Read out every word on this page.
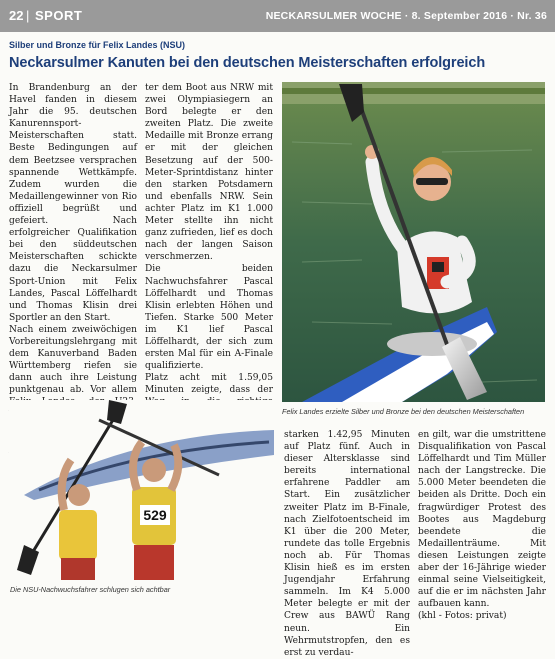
22 | SPORT	NECKARSULMER WOCHE · 8. September 2016 · Nr. 36
Silber und Bronze für Felix Landes (NSU)
Neckarsulmer Kanuten bei den deutschen Meisterschaften erfolgreich

In Brandenburg an der Havel fanden in diesem Jahr die 95. deutschen Kanurennsport-Meisterschaften statt. Beste Bedingungen auf dem Beetzsee versprachen spannende Wettkämpfe. Zudem wurden die Medaillengewinner von Rio offiziell begrüßt und gefeiert. Nach erfolgreicher Qualifikation bei den süddeutschen Meisterschaften schickte dazu die Neckarsulmer Sport-Union mit Felix Landes, Pascal Löffelhardt und Thomas Klisin drei Sportler an den Start.

Nach einem zweiwöchigen Vorbereitungslehrgang mit dem Kanuverband Baden Württemberg riefen sie dann auch ihre Leistung punktgenau ab. Vor allem

ter dem Boot aus NRW mit zwei Olympiasiegern an Bord belegte er den zweiten Platz. Die zweite Medaille mit Bronze errang er mit der gleichen Besetzung auf der 500-Meter-Sprintdistanz hinter den starken Potsdamern und ebenfalls NRW. Sein achter Platz im K1 1.000 Meter stellte ihn nicht ganz zufrieden, lief es doch nach der langen Saison verschmerzen.

Die beiden Nachwuchsfahrer Pascal Löffelhardt und Thomas Klisin erlebten Höhen und Tiefen. Starke 500 Meter im K1 lief Pascal Löffelhardt, der sich zum ersten Mal für ein A-Finale qualifizierte.

Platz acht mit 1.59,05 Minuten zeigte, dass der

Felix Landes erzielte Silber und Bronze bei den deutschen Meisterschaften
529
Die NSU-Nachwuchsfahrer schlugen sich achtbar

starken 1.42,95 Minuten auf Platz fünf. Auch in dieser Altersklasse sind bereits international erfahrene Paddler am Start. Ein zusätzlicher zweiter Platz im B-Finale, nach Zielfotoentscheid im K1 über die 200 Meter, rundete das tolle Ergebnis noch ab. Für Thomas Klisin hieß es im ersten Jugendjahr Erfahrung sammeln. Im K4 5.000 Meter belegte er mit der Crew aus BAWÜ Rang neun. Ein Wehrmutstropfen, den es erst zu verdau-

en gilt, war die umstrittene Disqualifikation von Pascal Löffelhardt und Tim Müller nach der Langstrecke. Die 5.000 Meter beendeten die beiden als Dritte. Doch ein fragwürdiger Protest des Bootes aus Magdeburg beendete die Medaillenträume. Mit diesen Leistungen zeigte aber der 16-Jährige wieder einmal seine Vielseitigkeit, auf die er im nächsten Jahr aufbauen kann.

(khl - Fotos: privat)
